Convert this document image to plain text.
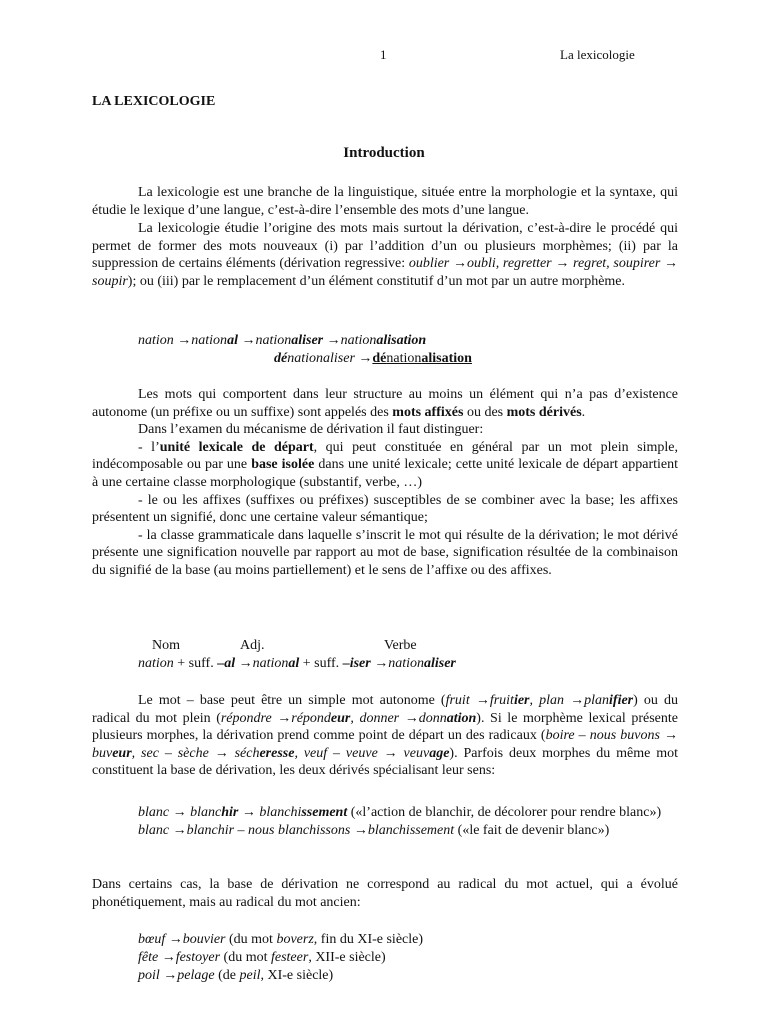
1	La lexicologie
LA LEXICOLOGIE
Introduction

La lexicologie est une branche de la linguistique, située entre la morphologie et la syntaxe, qui étudie le lexique d’une langue, c’est-à-dire l’ensemble des mots d’une langue.

La lexicologie étudie l’origine des mots mais surtout la dérivation, c’est-à-dire le procédé qui permet de former des mots nouveaux (i) par l’addition d’un ou plusieurs morphèmes; (ii) par la suppression de certains éléments (dérivation regressive: oublier →oubli, regretter → regret, soupirer → soupir); ou (iii) par le remplacement d’un élément constitutif d’un mot par un autre morphème.

nation →national →nationaliser →nationalisation
dénationaliser →dénationalisation

Les mots qui comportent dans leur structure au moins un élément qui n’a pas d’existence autonome (un préfixe ou un suffixe) sont appelés des mots affixés ou des mots dérivés.

Dans l’examen du mécanisme de dérivation il faut distinguer:

- l’unité lexicale de départ, qui peut constituée en général par un mot plein simple, indécomposable ou par une base isolée dans une unité lexicale; cette unité lexicale de départ appartient à une certaine classe morphologique (substantif, verbe, …)

- le ou les affixes (suffixes ou préfixes) susceptibles de se combiner avec la base; les affixes présentent un signifié, donc une certaine valeur sémantique;

- la classe grammaticale dans laquelle s’inscrit le mot qui résulte de la dérivation; le mot dérivé présente une signification nouvelle par rapport au mot de base, signification résultée de la combinaison du signifié de la base (au moins partiellement) et le sens de l’affixe ou des affixes.

Nom	Adj.	Verbe
nation + suff. –al →national + suff. –iser →nationaliser

Le mot – base peut être un simple mot autonome (fruit →fruitier, plan →planifier) ou du radical du mot plein (répondre →répondeur, donner →donnation). Si le morphème lexical présente plusieurs morphes, la dérivation prend comme point de départ un des radicaux (boire – nous buvons → buveur, sec – sèche → sécheresse, veuf – veuve → veuvage). Parfois deux morphes du même mot constituent la base de dérivation, les deux dérivés spécialisant leur sens:

blanc → blanchir → blanchissement («l’action de blanchir, de décolorer pour rendre blanc»)

blanc →blanchir – nous blanchissons →blanchissement («le fait de devenir blanc»)

Dans certains cas, la base de dérivation ne correspond au radical du mot actuel, qui a évolué phonétiquement, mais au radical du mot ancien:

bœuf →bouvier (du mot boverz, fin du XI-e siècle)
fête →festoyer (du mot festeer, XII-e siècle)
poil →pelage (de peil, XI-e siècle)
